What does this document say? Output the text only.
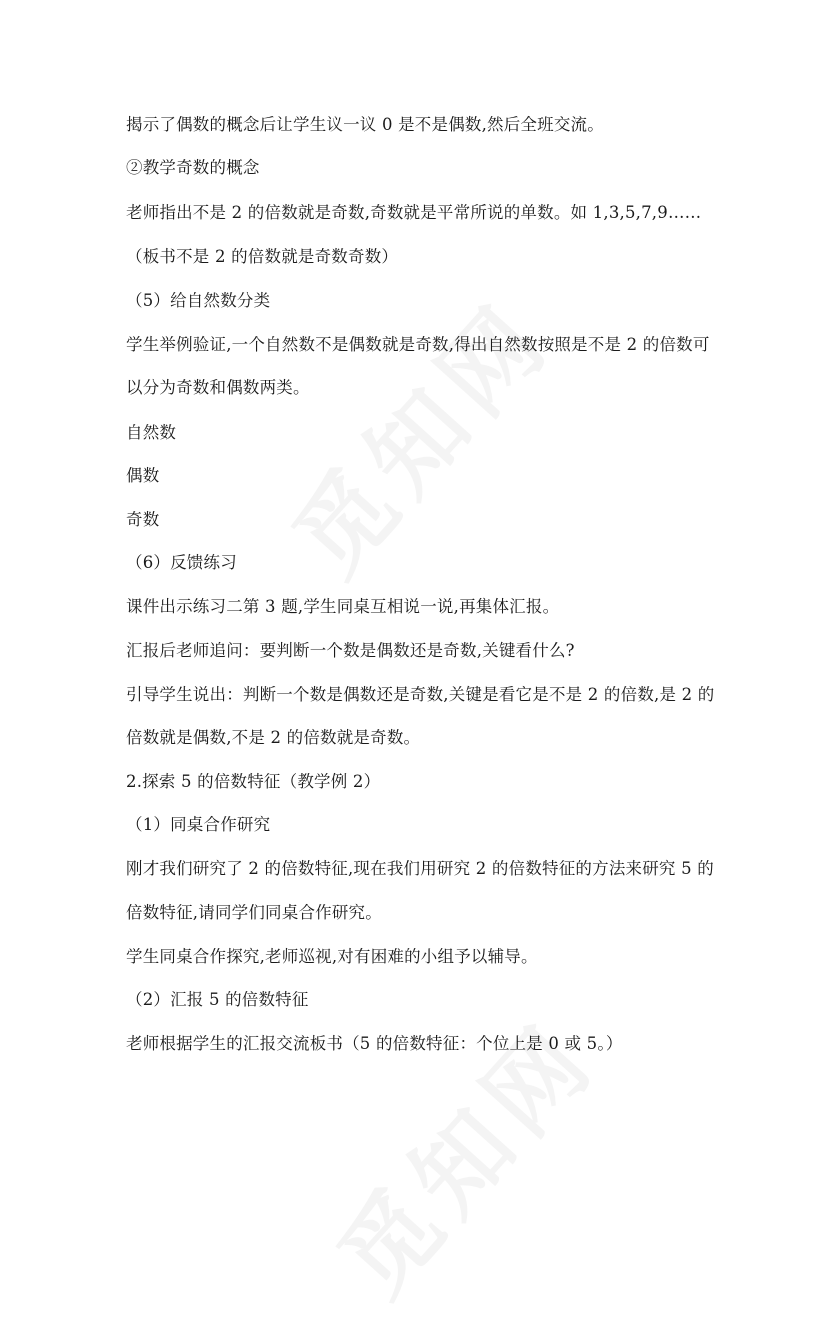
揭示了偶数的概念后让学生议一议 0 是不是偶数,然后全班交流。
②教学奇数的概念
老师指出不是 2 的倍数就是奇数,奇数就是平常所说的单数。如 1,3,5,7,9……
（板书不是 2 的倍数就是奇数奇数）
（5）给自然数分类
学生举例验证,一个自然数不是偶数就是奇数,得出自然数按照是不是 2 的倍数可
以分为奇数和偶数两类。
自然数
偶数
奇数
（6）反馈练习
课件出示练习二第 3 题,学生同桌互相说一说,再集体汇报。
汇报后老师追问：要判断一个数是偶数还是奇数,关键看什么?
引导学生说出：判断一个数是偶数还是奇数,关键是看它是不是 2 的倍数,是 2 的
倍数就是偶数,不是 2 的倍数就是奇数。
2.探索 5 的倍数特征（教学例 2）
（1）同桌合作研究
刚才我们研究了 2 的倍数特征,现在我们用研究 2 的倍数特征的方法来研究 5 的
倍数特征,请同学们同桌合作研究。
学生同桌合作探究,老师巡视,对有困难的小组予以辅导。
（2）汇报 5 的倍数特征
老师根据学生的汇报交流板书（5 的倍数特征：个位上是 0 或 5。）
